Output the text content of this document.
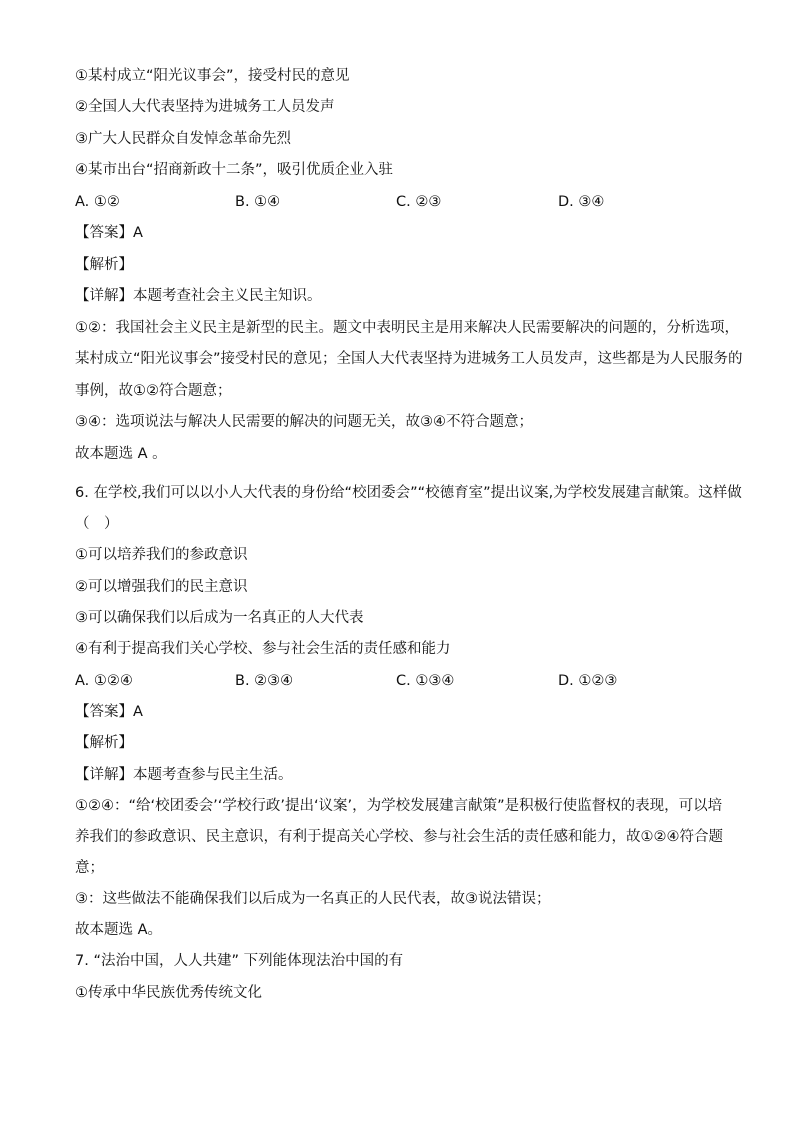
①某村成立“阳光议事会”，接受村民的意见
②全国人大代表坚持为进城务工人员发声
③广大人民群众自发悼念革命先烈
④某市出台“招商新政十二条”，吸引优质企业入驻
A. ①②	B. ①④	C. ②③	D. ③④
【答案】A
【解析】
【详解】本题考查社会主义民主知识。
①②：我国社会主义民主是新型的民主。题文中表明民主是用来解决人民需要解决的问题的，分析选项，
某村成立“阳光议事会”接受村民的意见；全国人大代表坚持为进城务工人员发声，这些都是为人民服务的
事例，故①②符合题意；
③④：选项说法与解决人民需要的解决的问题无关，故③④不符合题意；
故本题选 A 。
6. 在学校,我们可以以小人大代表的身份给“校团委会”“校德育室”提出议案,为学校发展建言献策。这样做
（　）
①可以培养我们的参政意识
②可以增强我们的民主意识
③可以确保我们以后成为一名真正的人大代表
④有利于提高我们关心学校、参与社会生活的责任感和能力
A. ①②④	B. ②③④	C. ①③④	D. ①②③
【答案】A
【解析】
【详解】本题考查参与民主生活。
①②④：“给‘校团委会’‘学校行政’提出‘议案’，为学校发展建言献策”是积极行使监督权的表现，可以培
养我们的参政意识、民主意识，有利于提高关心学校、参与社会生活的责任感和能力，故①②④符合题
意；
③：这些做法不能确保我们以后成为一名真正的人民代表，故③说法错误；
故本题选 A。
7. “法治中国，人人共建” 下列能体现法治中国的有
①传承中华民族优秀传统文化
